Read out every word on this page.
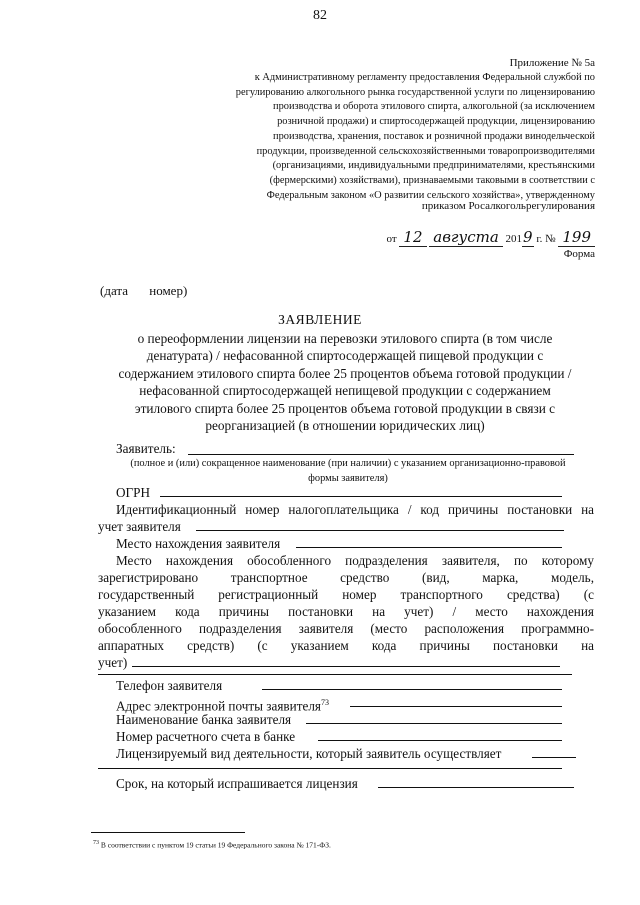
82
Приложение № 5а
к Административному регламенту предоставления Федеральной службой по
регулированию алкогольного рынка государственной услуги по лицензированию
производства и оборота этилового спирта, алкогольной (за исключением
розничной продажи) и спиртосодержащей продукции, лицензированию
производства, хранения, поставок и розничной продажи винодельческой
продукции, произведенной сельскохозяйственными товаропроизводителями
(организациями, индивидуальными предпринимателями, крестьянскими
(фермерскими) хозяйствами), признаваемыми таковыми в соответствии с
Федеральным законом «О развитии сельского хозяйства», утвержденному
приказом Росалкогольрегулирования
от 12 августа 2019 г. № 199
Форма
(дата номер)
ЗАЯВЛЕНИЕ
о переоформлении лицензии на перевозки этилового спирта (в том числе денатурата) / нефасованной спиртосодержащей пищевой продукции с содержанием этилового спирта более 25 процентов объема готовой продукции / нефасованной спиртосодержащей непищевой продукции с содержанием этилового спирта более 25 процентов объема готовой продукции в связи с реорганизацией (в отношении юридических лиц)
Заявитель:
(полное и (или) сокращенное наименование (при наличии) с указанием организационно-правовой формы заявителя)
ОГРН
Идентификационный номер налогоплательщика / код причины постановки на
учет заявителя
Место нахождения заявителя
Место нахождения обособленного подразделения заявителя, по которому
зарегистрировано транспортное средство (вид, марка, модель,
государственный регистрационный номер транспортного средства) (с
указанием кода причины постановки на учет) / место нахождения
обособленного подразделения заявителя (место расположения программно-
аппаратных средств) (с указанием кода причины постановки на
учет)
Телефон заявителя
Адрес электронной почты заявителя$^{73}$
Наименование банка заявителя
Номер расчетного счета в банке
Лицензируемый вид деятельности, который заявитель осуществляет
Срок, на который испрашивается лицензия
$^{73}$ В соответствии с пунктом 19 статьи 19 Федерального закона № 171-ФЗ.
